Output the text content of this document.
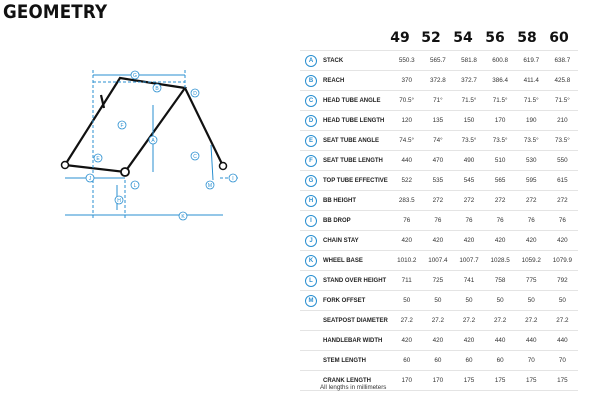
GEOMETRY
G
B
D
F
E	C
J
H
A
L	M
K
I
49 52 54 56 58 60
A	STACK	550.3	565.7	581.8	600.8	619.7	638.7
B	REACH	370	372.8	372.7	386.4	411.4	425.8
C	HEAD TUBE ANGLE	70.5°	71°	71.5°	71.5°	71.5°	71.5°
D	HEAD TUBE LENGTH	120	135	150	170	190	210
E	SEAT TUBE ANGLE	74.5°	74°	73.5°	73.5°	73.5°	73.5°
F	SEAT TUBE LENGTH	440	470	490	510	530	550
G	TOP TUBE EFFECTIVE	522	535	545	565	595	615
H	BB HEIGHT	283.5	272	272	272	272	272
I	BB DROP	76	76	76	76	76	76
J	CHAIN STAY	420	420	420	420	420	420
K	WHEEL BASE	1010.2	1007.4	1007.7	1028.5	1059.2	1079.9
L	STAND OVER HEIGHT	711	725	741	758	775	792
M	FORK OFFSET	50	50	50	50	50	50
SEATPOST DIAMETER	27.2	27.2	27.2	27.2	27.2	27.2
HANDLEBAR WIDTH	420	420	420	440	440	440
STEM LENGTH	60	60	60	60	70	70
CRANK LENGTH	170	170	175	175	175	175
All lengths in millimeters
